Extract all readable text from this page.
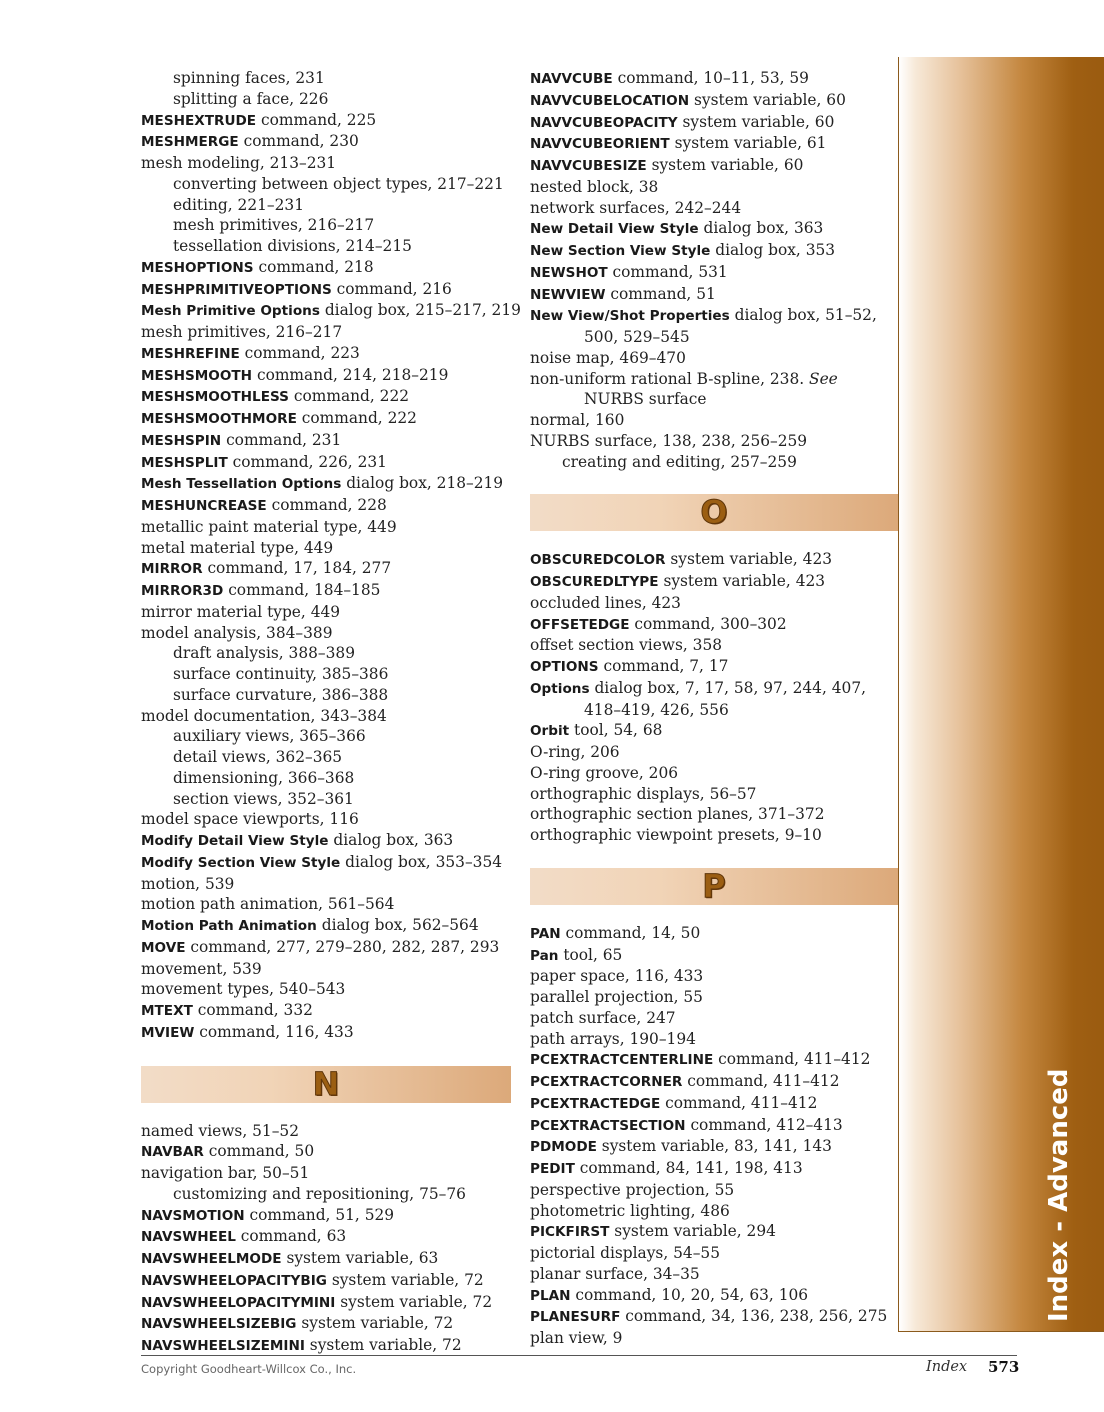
Index - Advanced
spinning faces, 231
splitting a face, 226
MESHEXTRUDE command, 225
MESHMERGE command, 230
mesh modeling, 213–231
converting between object types, 217–221
editing, 221–231
mesh primitives, 216–217
tessellation divisions, 214–215
MESHOPTIONS command, 218
MESHPRIMITIVEOPTIONS command, 216
Mesh Primitive Options dialog box, 215–217, 219
mesh primitives, 216–217
MESHREFINE command, 223
MESHSMOOTH command, 214, 218–219
MESHSMOOTHLESS command, 222
MESHSMOOTHMORE command, 222
MESHSPIN command, 231
MESHSPLIT command, 226, 231
Mesh Tessellation Options dialog box, 218–219
MESHUNCREASE command, 228
metallic paint material type, 449
metal material type, 449
MIRROR command, 17, 184, 277
MIRROR3D command, 184–185
mirror material type, 449
model analysis, 384–389
draft analysis, 388–389
surface continuity, 385–386
surface curvature, 386–388
model documentation, 343–384
auxiliary views, 365–366
detail views, 362–365
dimensioning, 366–368
section views, 352–361
model space viewports, 116
Modify Detail View Style dialog box, 363
Modify Section View Style dialog box, 353–354
motion, 539
motion path animation, 561–564
Motion Path Animation dialog box, 562–564
MOVE command, 277, 279–280, 282, 287, 293
movement, 539
movement types, 540–543
MTEXT command, 332
MVIEW command, 116, 433
N
named views, 51–52
NAVBAR command, 50
navigation bar, 50–51
customizing and repositioning, 75–76
NAVSMOTION command, 51, 529
NAVSWHEEL command, 63
NAVSWHEELMODE system variable, 63
NAVSWHEELOPACITYBIG system variable, 72
NAVSWHEELOPACITYMINI system variable, 72
NAVSWHEELSIZEBIG system variable, 72
NAVSWHEELSIZEMINI system variable, 72
NAVVCUBE command, 10–11, 53, 59
NAVVCUBELOCATION system variable, 60
NAVVCUBEOPACITY system variable, 60
NAVVCUBEORIENT system variable, 61
NAVVCUBESIZE system variable, 60
nested block, 38
network surfaces, 242–244
New Detail View Style dialog box, 363
New Section View Style dialog box, 353
NEWSHOT command, 531
NEWVIEW command, 51
New View/Shot Properties dialog box, 51–52, 500, 529–545
noise map, 469–470
non-uniform rational B-spline, 238. See NURBS surface
normal, 160
NURBS surface, 138, 238, 256–259
creating and editing, 257–259
O
OBSCUREDCOLOR system variable, 423
OBSCUREDLTYPE system variable, 423
occluded lines, 423
OFFSETEDGE command, 300–302
offset section views, 358
OPTIONS command, 7, 17
Options dialog box, 7, 17, 58, 97, 244, 407, 418–419, 426, 556
Orbit tool, 54, 68
O-ring, 206
O-ring groove, 206
orthographic displays, 56–57
orthographic section planes, 371–372
orthographic viewpoint presets, 9–10
P
PAN command, 14, 50
Pan tool, 65
paper space, 116, 433
parallel projection, 55
patch surface, 247
path arrays, 190–194
PCEXTRACTCENTERLINE command, 411–412
PCEXTRACTCORNER command, 411–412
PCEXTRACTEDGE command, 411–412
PCEXTRACTSECTION command, 412–413
PDMODE system variable, 83, 141, 143
PEDIT command, 84, 141, 198, 413
perspective projection, 55
photometric lighting, 486
PICKFIRST system variable, 294
pictorial displays, 54–55
planar surface, 34–35
PLAN command, 10, 20, 54, 63, 106
PLANESURF command, 34, 136, 238, 256, 275
plan view, 9
Copyright Goodheart-Willcox Co., Inc.	Index 573
